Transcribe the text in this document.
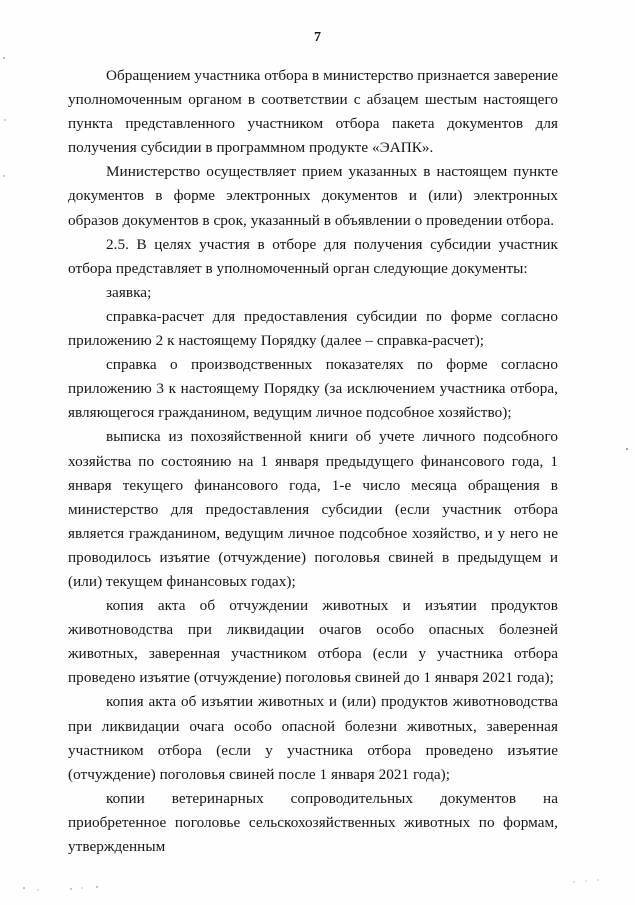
7

Обращением участника отбора в министерство признается заверение уполномоченным органом в соответствии с абзацем шестым настоящего пункта представленного участником отбора пакета документов для получения субсидии в программном продукте «ЭАПК».

Министерство осуществляет прием указанных в настоящем пункте документов в форме электронных документов и (или) электронных образов документов в срок, указанный в объявлении о проведении отбора.

2.5. В целях участия в отборе для получения субсидии участник отбора представляет в уполномоченный орган следующие документы:

заявка;

справка-расчет для предоставления субсидии по форме согласно приложению 2 к настоящему Порядку (далее – справка-расчет);

справка о производственных показателях по форме согласно приложению 3 к настоящему Порядку (за исключением участника отбора, являющегося гражданином, ведущим личное подсобное хозяйство);

выписка из похозяйственной книги об учете личного подсобного хозяйства по состоянию на 1 января предыдущего финансового года, 1 января текущего финансового года, 1-е число месяца обращения в министерство для предоставления субсидии (если участник отбора является гражданином, ведущим личное подсобное хозяйство, и у него не проводилось изъятие (отчуждение) поголовья свиней в предыдущем и (или) текущем финансовых годах);

копия акта об отчуждении животных и изъятии продуктов животноводства при ликвидации очагов особо опасных болезней животных, заверенная участником отбора (если у участника отбора проведено изъятие (отчуждение) поголовья свиней до 1 января 2021 года);

копия акта об изъятии животных и (или) продуктов животноводства при ликвидации очага особо опасной болезни животных, заверенная участником отбора (если у участника отбора проведено изъятие (отчуждение) поголовья свиней после 1 января 2021 года);

копии ветеринарных сопроводительных документов на приобретенное поголовье сельскохозяйственных животных по формам, утвержденным
